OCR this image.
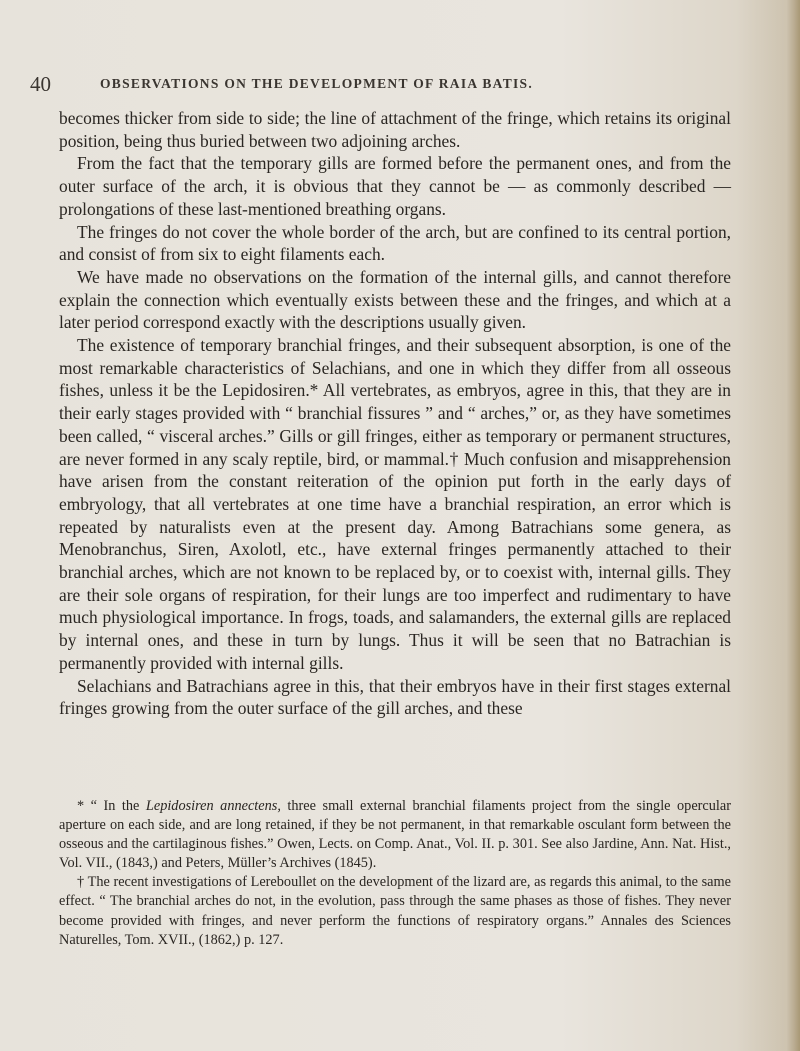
40	OBSERVATIONS ON THE DEVELOPMENT OF RAIA BATIS.

becomes thicker from side to side; the line of attachment of the fringe, which retains its original position, being thus buried between two adjoining arches.

From the fact that the temporary gills are formed before the permanent ones, and from the outer surface of the arch, it is obvious that they cannot be — as commonly described — prolongations of these last-mentioned breathing organs.

The fringes do not cover the whole border of the arch, but are confined to its central portion, and consist of from six to eight filaments each.

We have made no observations on the formation of the internal gills, and cannot therefore explain the connection which eventually exists between these and the fringes, and which at a later period correspond exactly with the descriptions usually given.

The existence of temporary branchial fringes, and their subsequent absorption, is one of the most remarkable characteristics of Selachians, and one in which they differ from all osseous fishes, unless it be the Lepidosiren.* All vertebrates, as embryos, agree in this, that they are in their early stages provided with “ branchial fissures ” and “ arches,” or, as they have sometimes been called, “ visceral arches.” Gills or gill fringes, either as temporary or permanent structures, are never formed in any scaly reptile, bird, or mammal.† Much confusion and misapprehension have arisen from the constant reiteration of the opinion put forth in the early days of embryology, that all vertebrates at one time have a branchial respiration, an error which is repeated by naturalists even at the present day. Among Batrachians some genera, as Menobranchus, Siren, Axolotl, etc., have external fringes permanently attached to their branchial arches, which are not known to be replaced by, or to coexist with, internal gills. They are their sole organs of respiration, for their lungs are too imperfect and rudimentary to have much physiological importance. In frogs, toads, and salamanders, the external gills are replaced by internal ones, and these in turn by lungs. Thus it will be seen that no Batrachian is permanently provided with internal gills.

Selachians and Batrachians agree in this, that their embryos have in their first stages external fringes growing from the outer surface of the gill arches, and these

* “ In the Lepidosiren annectens, three small external branchial filaments project from the single opercular aperture on each side, and are long retained, if they be not permanent, in that remarkable osculant form between the osseous and the cartilaginous fishes.” Owen, Lects. on Comp. Anat., Vol. II. p. 301. See also Jardine, Ann. Nat. Hist., Vol. VII., (1843,) and Peters, Müller’s Archives (1845).

† The recent investigations of Lereboullet on the development of the lizard are, as regards this animal, to the same effect. “ The branchial arches do not, in the evolution, pass through the same phases as those of fishes. They never become provided with fringes, and never perform the functions of respiratory organs.” Annales des Sciences Naturelles, Tom. XVII., (1862,) p. 127.
